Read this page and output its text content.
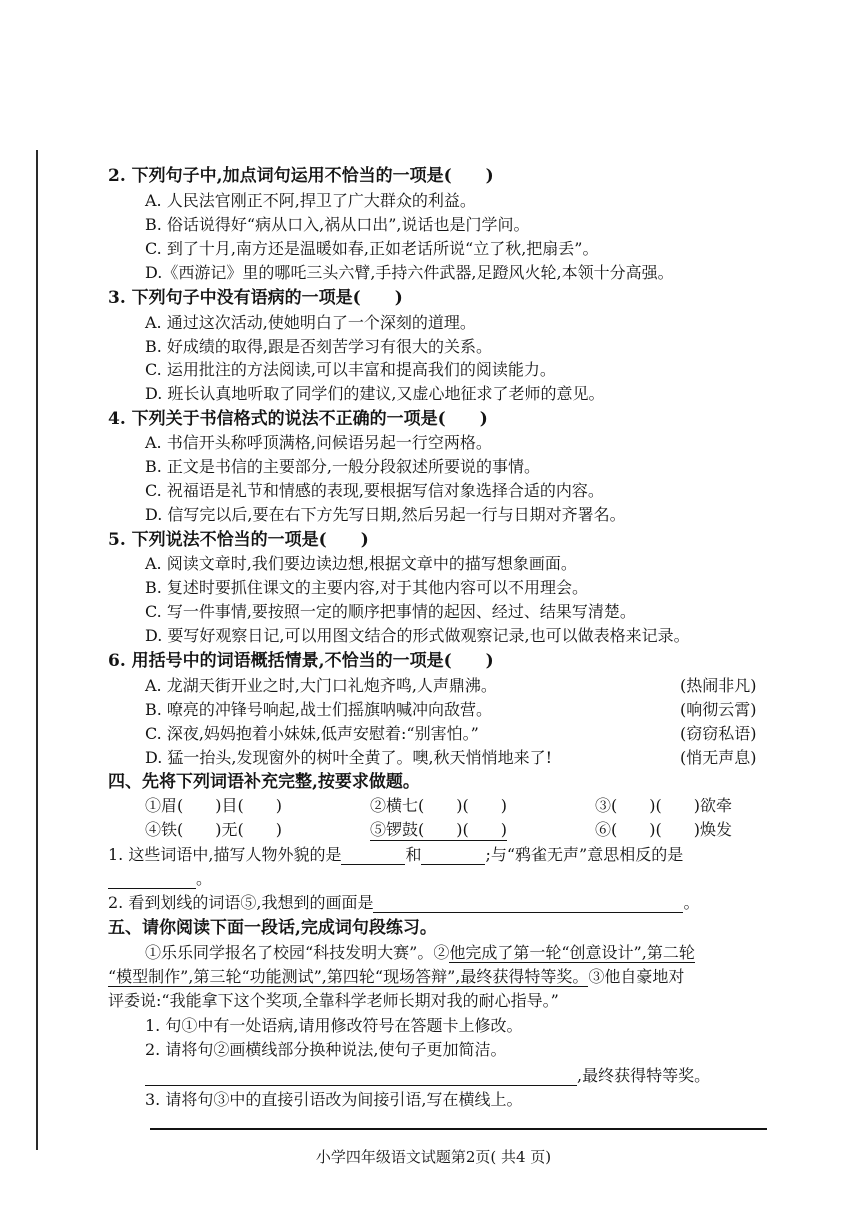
2. 下列句子中,加点词句运用不恰当的一项是(　　)
A. 人民法官刚正不阿,捍卫了广大群众的利益。
B. 俗话说得好“病从口入,祸从口出”,说话也是门学问。
C. 到了十月,南方还是温暖如春,正如老话所说“立了秋,把扇丢”。
D.《西游记》里的哪吒三头六臂,手持六件武器,足蹬风火轮,本领十分高强。
3. 下列句子中没有语病的一项是(　　)
A. 通过这次活动,使她明白了一个深刻的道理。
B. 好成绩的取得,跟是否刻苦学习有很大的关系。
C. 运用批注的方法阅读,可以丰富和提高我们的阅读能力。
D. 班长认真地听取了同学们的建议,又虚心地征求了老师的意见。
4. 下列关于书信格式的说法不正确的一项是(　　)
A. 书信开头称呼顶满格,问候语另起一行空两格。
B. 正文是书信的主要部分,一般分段叙述所要说的事情。
C. 祝福语是礼节和情感的表现,要根据写信对象选择合适的内容。
D. 信写完以后,要在右下方先写日期,然后另起一行与日期对齐署名。
5. 下列说法不恰当的一项是(　　)
A. 阅读文章时,我们要边读边想,根据文章中的描写想象画面。
B. 复述时要抓住课文的主要内容,对于其他内容可以不用理会。
C. 写一件事情,要按照一定的顺序把事情的起因、经过、结果写清楚。
D. 要写好观察日记,可以用图文结合的形式做观察记录,也可以做表格来记录。
6. 用括号中的词语概括情景,不恰当的一项是(　　)
A. 龙湖天街开业之时,大门口礼炮齐鸣,人声鼎沸。	(热闹非凡)
B. 嘹亮的冲锋号响起,战士们摇旗呐喊冲向敌营。	(响彻云霄)
C. 深夜,妈妈抱着小妹妹,低声安慰着:“别害怕。”	(窃窃私语)
D. 猛一抬头,发现窗外的树叶全黄了。噢,秋天悄悄地来了!	(悄无声息)
四、先将下列词语补充完整,按要求做题。
①眉(　　)目(　　)	②横七(　　)(　　)	③(　　)(　　)欲牵
④铁(　　)无(　　)	⑤锣鼓(　　)(　　)	⑥(　　)(　　)焕发
1. 这些词语中,描写人物外貌的是	和	;与“鸦雀无声”意思相反的是
。
2. 看到划线的词语⑤,我想到的画面是	。
五、请你阅读下面一段话,完成词句段练习。
①乐乐同学报名了校园“科技发明大赛”。②他完成了第一轮“创意设计”,第二轮
“模型制作”,第三轮“功能测试”,第四轮“现场答辩”,最终获得特等奖。③他自豪地对
评委说:“我能拿下这个奖项,全靠科学老师长期对我的耐心指导。”
1. 句①中有一处语病,请用修改符号在答题卡上修改。
2. 请将句②画横线部分换种说法,使句子更加简洁。
,最终获得特等奖。
3. 请将句③中的直接引语改为间接引语,写在横线上。
小学四年级语文试题第2页( 共4 页)
